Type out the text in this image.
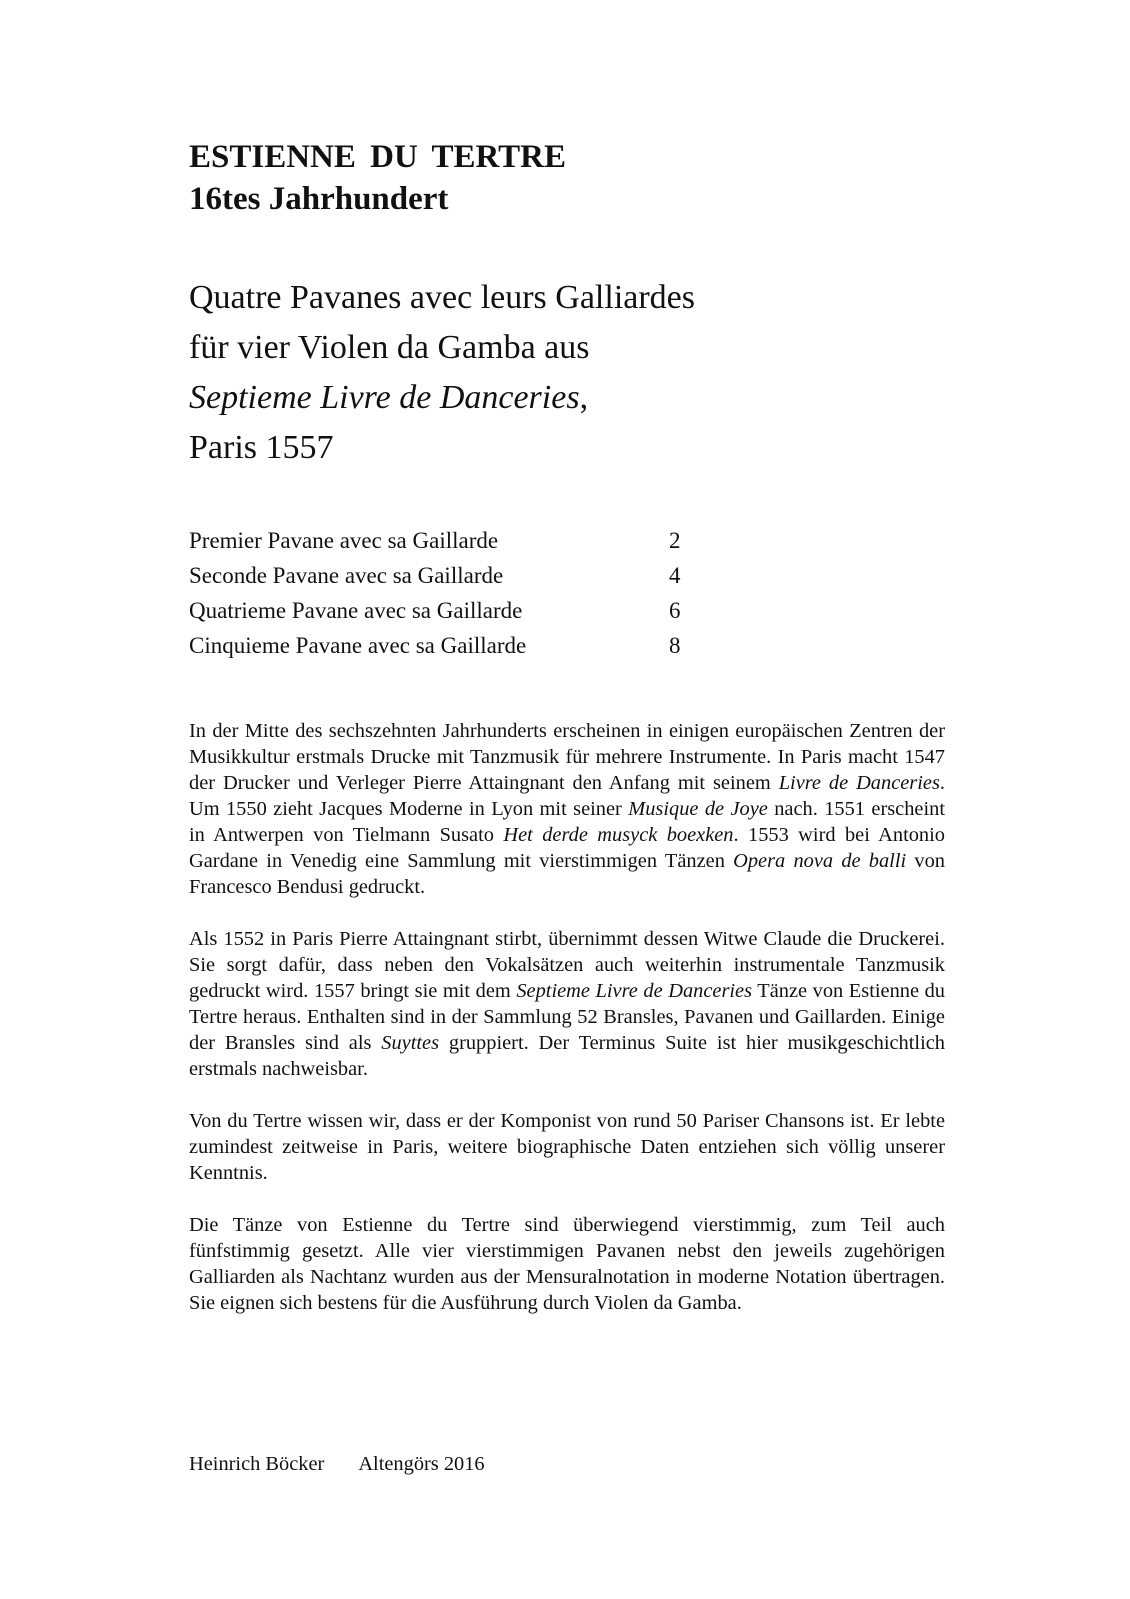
ESTIENNE DU TERTRE
16tes Jahrhundert
Quatre Pavanes avec leurs Galliardes
für vier Violen da Gamba aus
Septieme Livre de Danceries,
Paris 1557
Premier Pavane avec sa Gaillarde	2
Seconde Pavane avec sa Gaillarde	4
Quatrieme Pavane avec sa Gaillarde	6
Cinquieme Pavane avec sa Gaillarde	8

In der Mitte des sechszehnten Jahrhunderts erscheinen in einigen europäischen Zentren der Musikkultur erstmals Drucke mit Tanzmusik für mehrere Instrumente. In Paris macht 1547 der Drucker und Verleger Pierre Attaingnant den Anfang mit seinem Livre de Danceries. Um 1550 zieht Jacques Moderne in Lyon mit seiner Musique de Joye nach. 1551 erscheint in Antwerpen von Tielmann Susato Het derde musyck boexken. 1553 wird bei Antonio Gardane in Venedig eine Sammlung mit vierstimmigen Tänzen Opera nova de balli von Francesco Bendusi gedruckt.

Als 1552 in Paris Pierre Attaingnant stirbt, übernimmt dessen Witwe Claude die Druckerei. Sie sorgt dafür, dass neben den Vokalsätzen auch weiterhin instrumentale Tanzmusik gedruckt wird. 1557 bringt sie mit dem Septieme Livre de Danceries Tänze von Estienne du Tertre heraus. Enthalten sind in der Sammlung 52 Bransles, Pavanen und Gaillarden. Einige der Bransles sind als Suyttes gruppiert. Der Terminus Suite ist hier musikgeschichtlich erstmals nachweisbar.

Von du Tertre wissen wir, dass er der Komponist von rund 50 Pariser Chansons ist. Er lebte zumindest zeitweise in Paris, weitere biographische Daten entziehen sich völlig unserer Kenntnis.

Die Tänze von Estienne du Tertre sind überwiegend vierstimmig, zum Teil auch fünfstimmig gesetzt. Alle vier vierstimmigen Pavanen nebst den jeweils zugehörigen Galliarden als Nachtanz wurden aus der Mensuralnotation in moderne Notation übertragen. Sie eignen sich bestens für die Ausführung durch Violen da Gamba.

Heinrich Böcker Altengörs 2016
